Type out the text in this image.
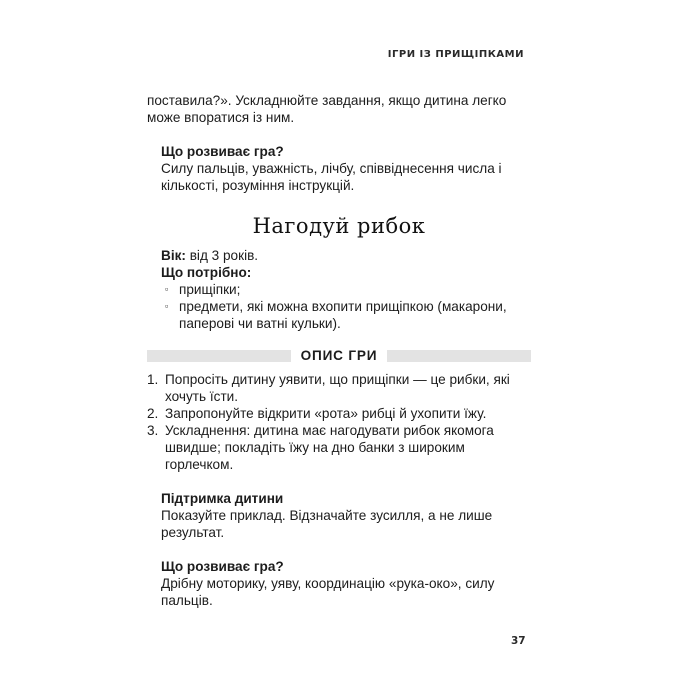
ІГРИ ІЗ ПРИЩІПКАМИ

поставила?». Ускладнюйте завдання, якщо дитина легко може впоратися із ним.

Що розвиває гра?

Силу пальців, уважність, лічбу, співвіднесення числа і кількості, розуміння інструкцій.

Нагодуй рибок

Вік: від 3 років.

Що потрібно:

▫ прищіпки;
▫ предмети, які можна вхопити прищіпкою (макарони, паперові чи ватні кульки).
ОПИС ГРИ
1. Попросіть дитину уявити, що прищіпки — це рибки, які хочуть їсти.
2. Запропонуйте відкрити «рота» рибці й ухопити їжу.
3. Ускладнення: дитина має нагодувати рибок якомога швидше; покладіть їжу на дно банки з широким горлечком.

Підтримка дитини

Показуйте приклад. Відзначайте зусилля, а не лише результат.

Що розвиває гра?

Дрібну моторику, уяву, координацію «рука-око», силу пальців.

37
